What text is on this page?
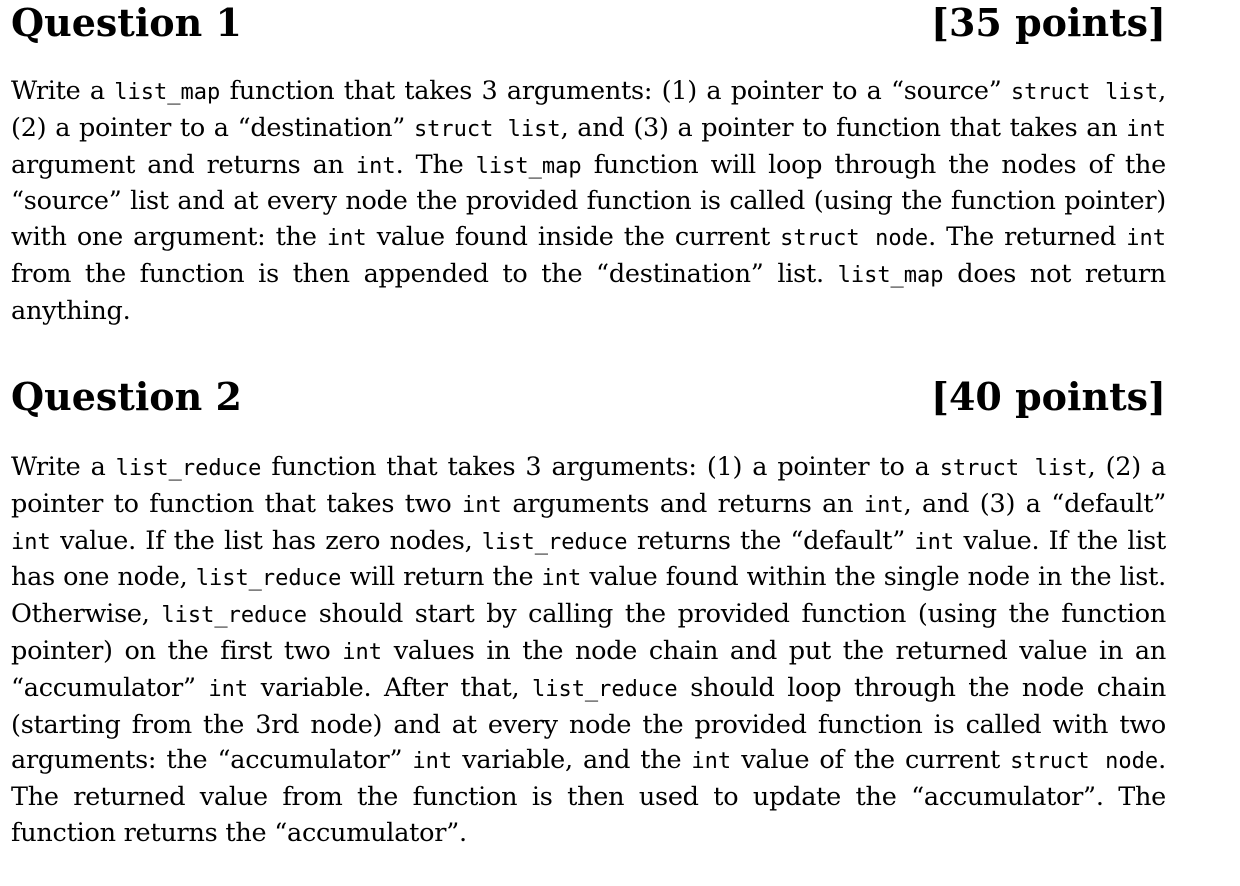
Question 1	[35 points]

Write a list_map function that takes 3 arguments: (1) a pointer to a “source” struct list, (2) a pointer to a “destination” struct list, and (3) a pointer to function that takes an int argument and returns an int. The list_map function will loop through the nodes of the “source” list and at every node the provided function is called (using the function pointer) with one argument: the int value found inside the current struct node. The returned int from the function is then appended to the “destination” list. list_map does not return anything.

Question 2	[40 points]

Write a list_reduce function that takes 3 arguments: (1) a pointer to a struct list, (2) a pointer to function that takes two int arguments and returns an int, and (3) a “default” int value. If the list has zero nodes, list_reduce returns the “default” int value. If the list has one node, list_reduce will return the int value found within the single node in the list. Otherwise, list_reduce should start by calling the provided function (using the function pointer) on the first two int values in the node chain and put the returned value in an “accumulator” int variable. After that, list_reduce should loop through the node chain (starting from the 3rd node) and at every node the provided function is called with two arguments: the “accumulator” int variable, and the int value of the current struct node. The returned value from the function is then used to update the “accumulator”. The function returns the “accumulator”.
